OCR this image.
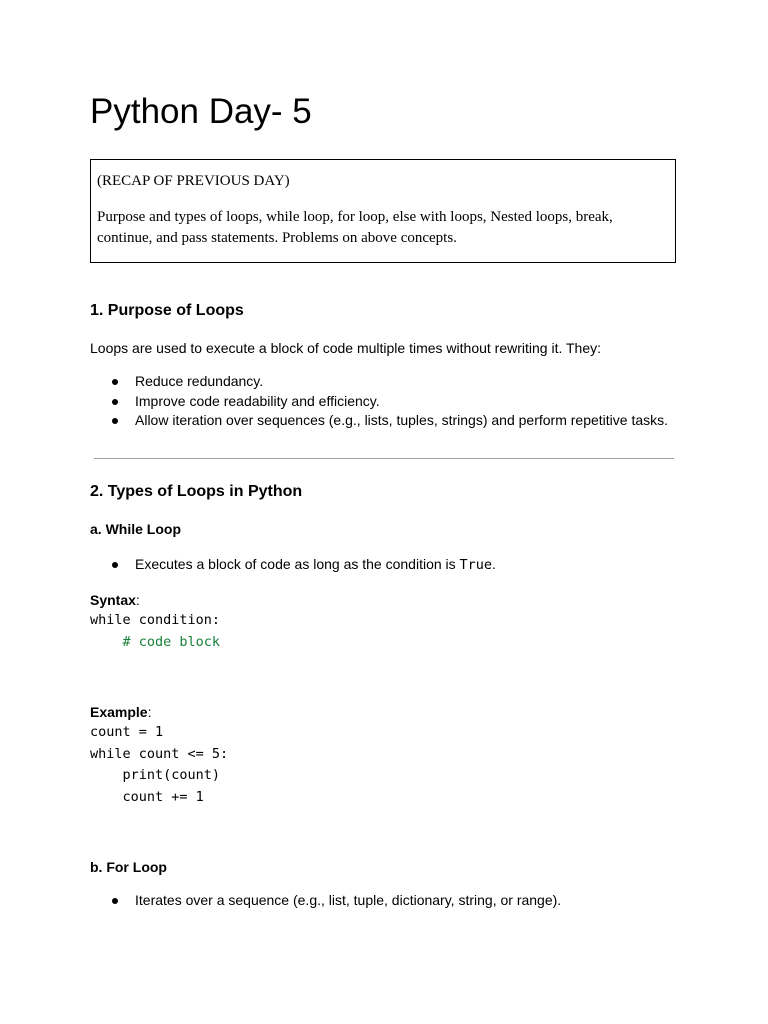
Python Day- 5
(RECAP OF PREVIOUS DAY)
Purpose and types of loops, while loop, for loop, else with loops, Nested loops, break, continue, and pass statements. Problems on above concepts.
1. Purpose of Loops

Loops are used to execute a block of code multiple times without rewriting it. They:

Reduce redundancy.
Improve code readability and efficiency.
Allow iteration over sequences (e.g., lists, tuples, strings) and perform repetitive tasks.
2. Types of Loops in Python
a. While Loop
Executes a block of code as long as the condition is True.
Syntax:
while condition:
# code block
Example:
count = 1
while count <= 5:
print(count)
count += 1
b. For Loop
Iterates over a sequence (e.g., list, tuple, dictionary, string, or range).
